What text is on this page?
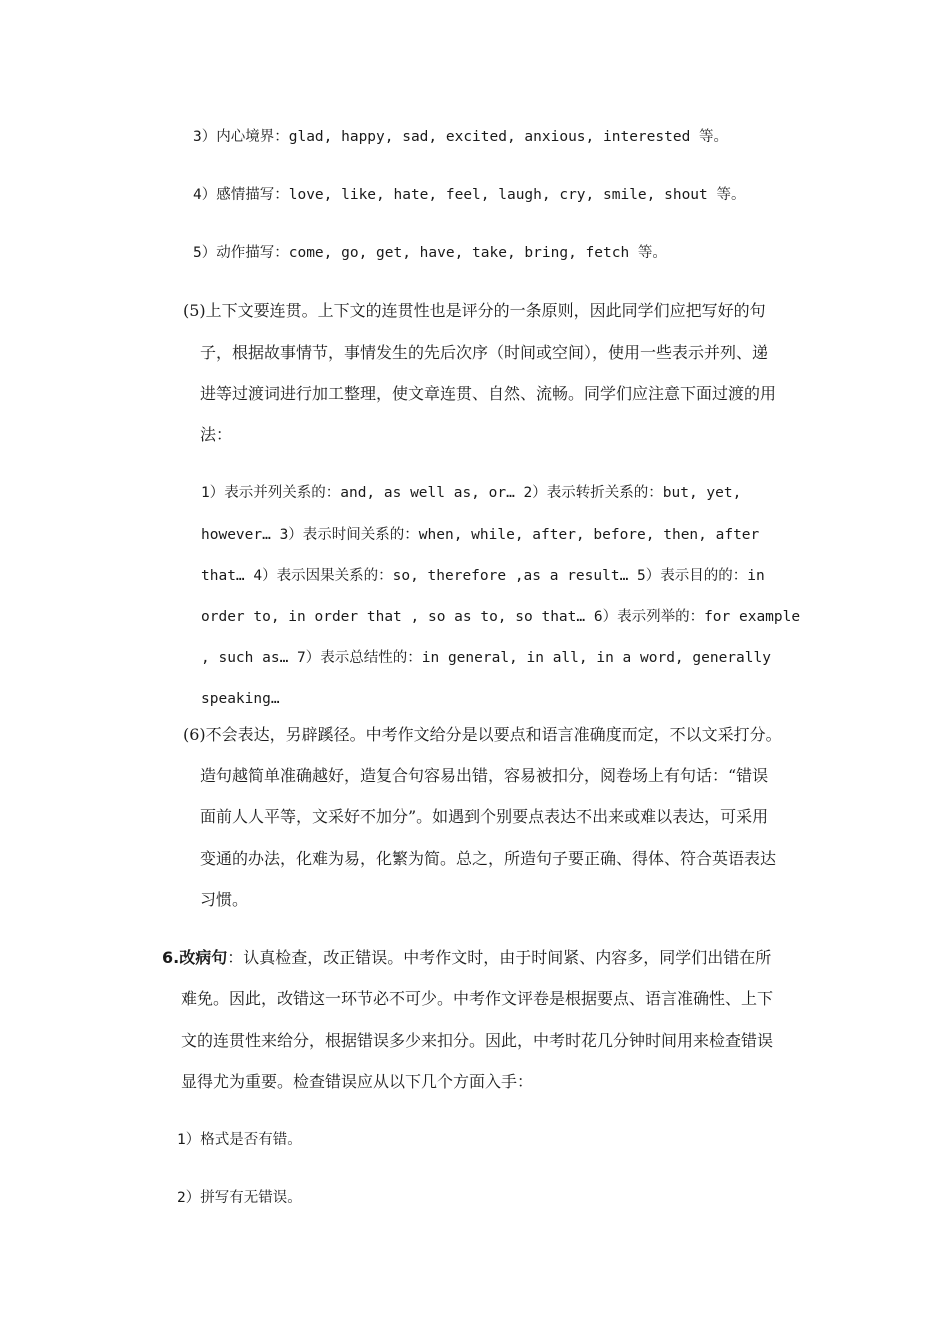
3）内心境界：glad, happy, sad, excited, anxious, interested 等。
4）感情描写：love, like, hate, feel, laugh, cry, smile, shout 等。
5）动作描写：come, go, get, have, take, bring, fetch 等。
(5)上下文要连贯。上下文的连贯性也是评分的一条原则，因此同学们应把写好的句
子，根据故事情节，事情发生的先后次序（时间或空间），使用一些表示并列、递
进等过渡词进行加工整理，使文章连贯、自然、流畅。同学们应注意下面过渡的用
法：
1）表示并列关系的：and, as well as, or… 2）表示转折关系的：but, yet,
however… 3）表示时间关系的：when, while, after, before, then, after
that… 4）表示因果关系的：so, therefore ,as a result… 5）表示目的的：in
order to, in order that , so as to, so that… 6）表示列举的：for example
, such as… 7）表示总结性的：in general, in all, in a word, generally
speaking…
(6)不会表达，另辟蹊径。中考作文给分是以要点和语言准确度而定，不以文采打分。
造句越简单准确越好，造复合句容易出错，容易被扣分，阅卷场上有句话：“错误
面前人人平等，文采好不加分”。如遇到个别要点表达不出来或难以表达，可采用
变通的办法，化难为易，化繁为简。总之，所造句子要正确、得体、符合英语表达
习惯。
6.改病句：认真检查，改正错误。中考作文时，由于时间紧、内容多，同学们出错在所
难免。因此，改错这一环节必不可少。中考作文评卷是根据要点、语言准确性、上下
文的连贯性来给分，根据错误多少来扣分。因此，中考时花几分钟时间用来检查错误
显得尤为重要。检查错误应从以下几个方面入手：
1）格式是否有错。
2）拼写有无错误。
